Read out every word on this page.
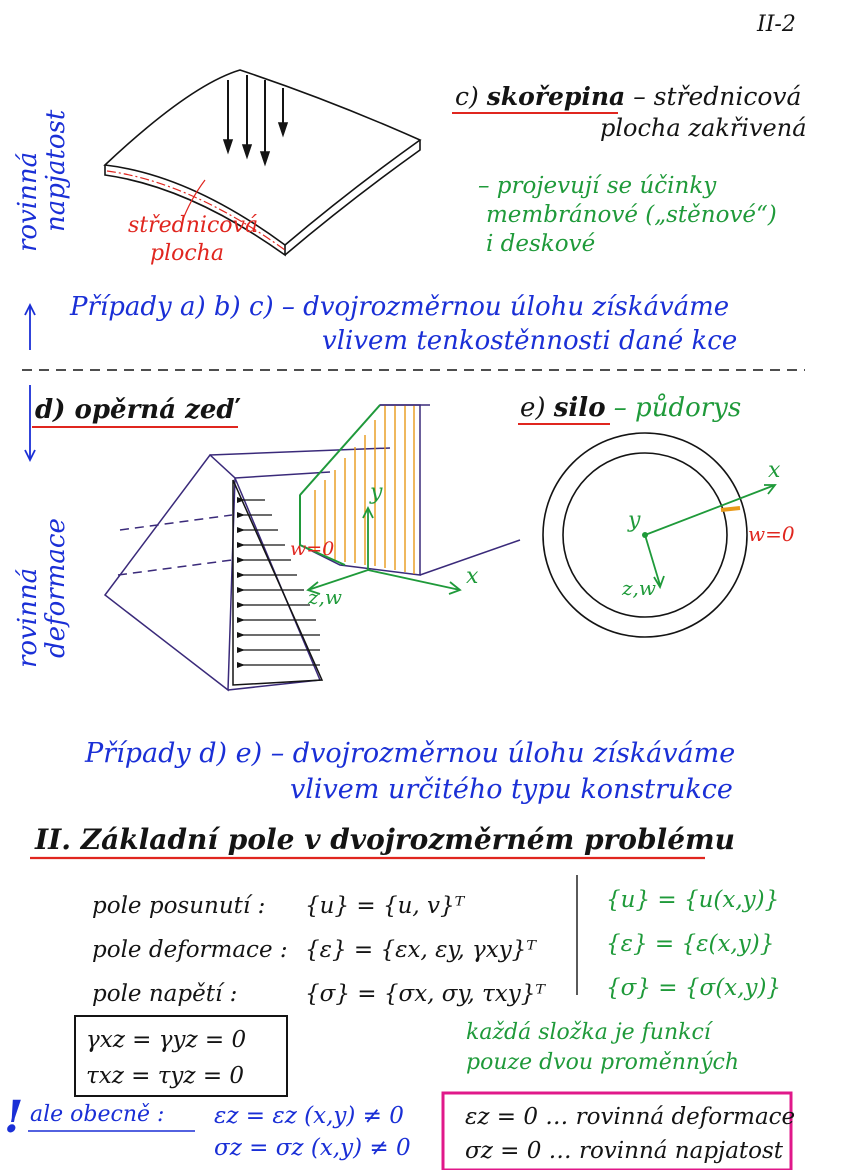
II-2
rovinná
napjatost
rovinná
deformace
c) skořepina – střednicová
plocha zakřivená
– projevují se účinky
membránové („stěnové“)
i deskové
střednicová
plocha
Případy a) b) c) – dvojrozměrnou úlohu získáváme
vlivem tenkostěnnosti dané kce
d) opěrná zeď
y
x
z,w
w=0
e) silo – půdorys
x
y
z,w
w=0
Případy d) e) – dvojrozměrnou úlohu získáváme
vlivem určitého typu konstrukce
II. Základní pole v dvojrozměrném problému
pole posunutí :
pole deformace :
pole napětí :
{u} = {u, v}ᵀ
{ε} = {εx, εy, γxy}ᵀ
{σ} = {σx, σy, τxy}ᵀ
{u} = {u(x,y)}
{ε} = {ε(x,y)}
{σ} = {σ(x,y)}
γxz = γyz = 0
τxz = τyz = 0
každá složka je funkcí
pouze dvou proměnných
! ale obecně : εz = εz (x,y) ≠ 0
σz = σz (x,y) ≠ 0
εz = 0 … rovinná deformace
σz = 0 … rovinná napjatost
